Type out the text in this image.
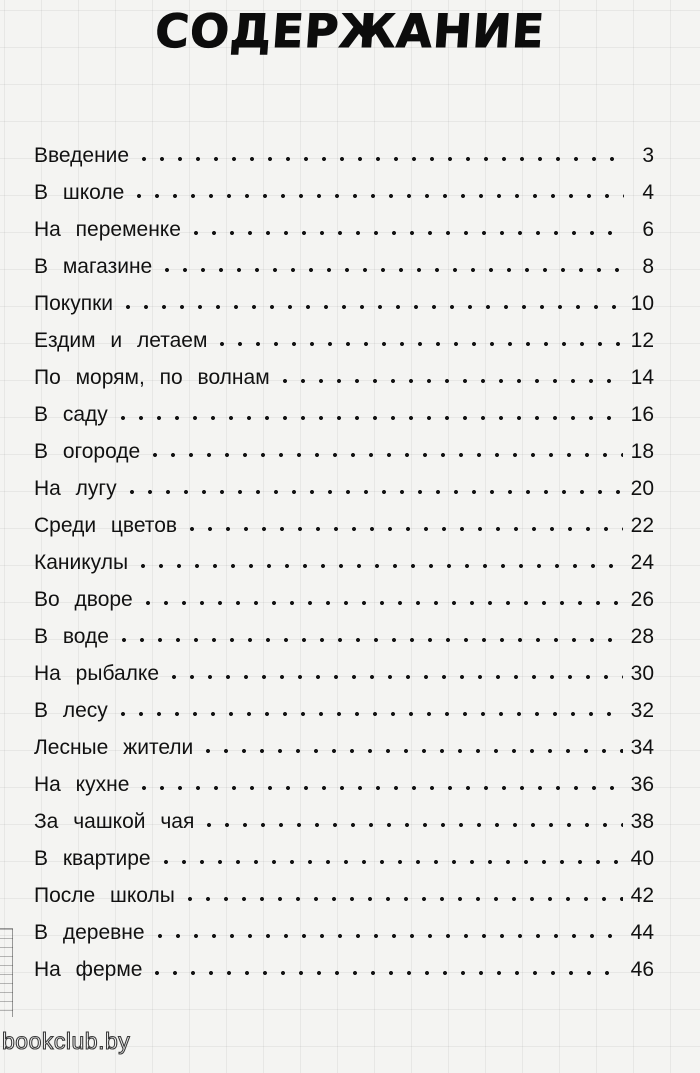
СОДЕРЖАНИЕ
Введение	3
В школе	4
На переменке	6
В магазине	8
Покупки	10
Ездим и летаем	12
По морям, по волнам	14
В саду	16
В огороде	18
На лугу	20
Среди цветов	22
Каникулы	24
Во дворе	26
В воде	28
На рыбалке	30
В лесу	32
Лесные жители	34
На кухне	36
За чашкой чая	38
В квартире	40
После школы	42
В деревне	44
На ферме	46
bookclub.by
